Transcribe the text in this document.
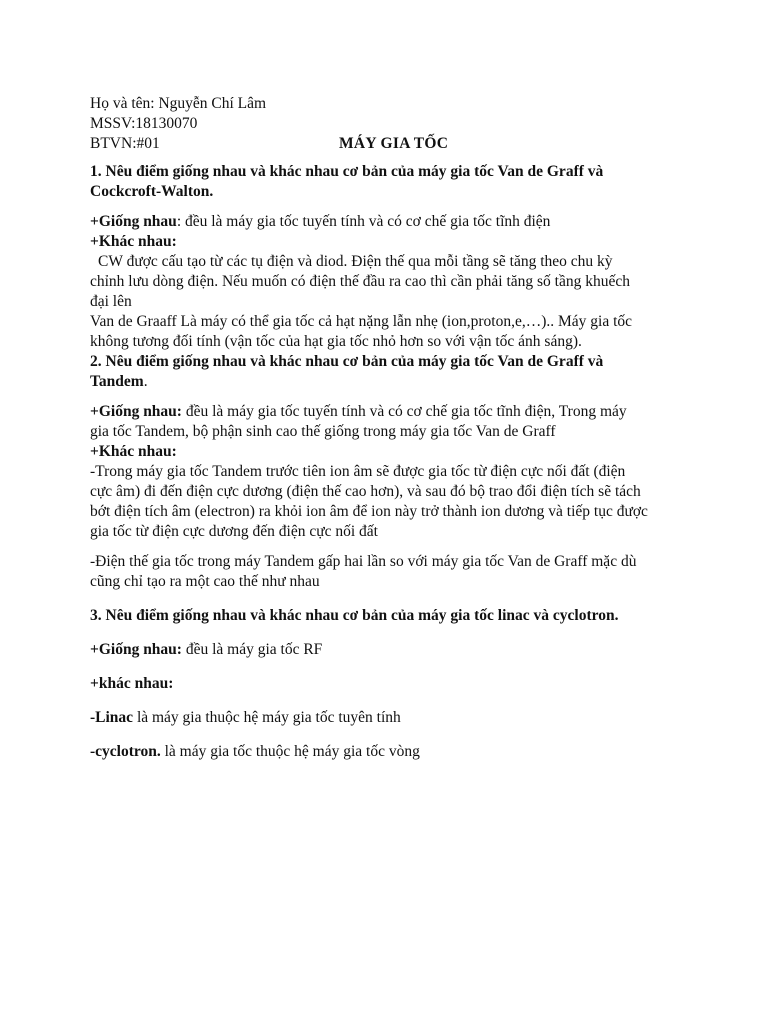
Họ và tên: Nguyễn Chí Lâm

MSSV:18130070

BTVN:#01	MÁY GIA TỐC

1. Nêu điểm giống nhau và khác nhau cơ bản của máy gia tốc Van de Graff và

Cockcroft-Walton.

+Giống nhau: đều là máy gia tốc tuyến tính và có cơ chế gia tốc tĩnh điện

+Khác nhau:

CW được cấu tạo từ các tụ điện và diod. Điện thế qua mỗi tầng sẽ tăng theo chu kỳ

chỉnh lưu dòng điện. Nếu muốn có điện thế đầu ra cao thì cần phải tăng số tầng khuếch

đại lên

Van de Graaff Là máy có thể gia tốc cả hạt nặng lẫn nhẹ (ion,proton,e,…).. Máy gia tốc

không tương đối tính (vận tốc của hạt gia tốc nhỏ hơn so với vận tốc ánh sáng).

2. Nêu điểm giống nhau và khác nhau cơ bản của máy gia tốc Van de Graff và

Tandem.

+Giống nhau: đều là máy gia tốc tuyến tính và có cơ chế gia tốc tĩnh điện, Trong máy

gia tốc Tandem, bộ phận sinh cao thế giống trong máy gia tốc Van de Graff

+Khác nhau:

-Trong máy gia tốc Tandem trước tiên ion âm sẽ được gia tốc từ điện cực nối đất (điện

cực âm) đi đến điện cực dương (điện thế cao hơn), và sau đó bộ trao đổi điện tích sẽ tách

bớt điện tích âm (electron) ra khỏi ion âm để ion này trở thành ion dương và tiếp tục được

gia tốc từ điện cực dương đến điện cực nối đất

-Điện thế gia tốc trong máy Tandem gấp hai lần so với máy gia tốc Van de Graff mặc dù

cũng chỉ tạo ra một cao thế như nhau

3. Nêu điểm giống nhau và khác nhau cơ bản của máy gia tốc linac và cyclotron.

+Giống nhau: đều là máy gia tốc RF

+khác nhau:

-Linac là máy gia thuộc hệ máy gia tốc tuyên tính

-cyclotron. là máy gia tốc thuộc hệ máy gia tốc vòng
